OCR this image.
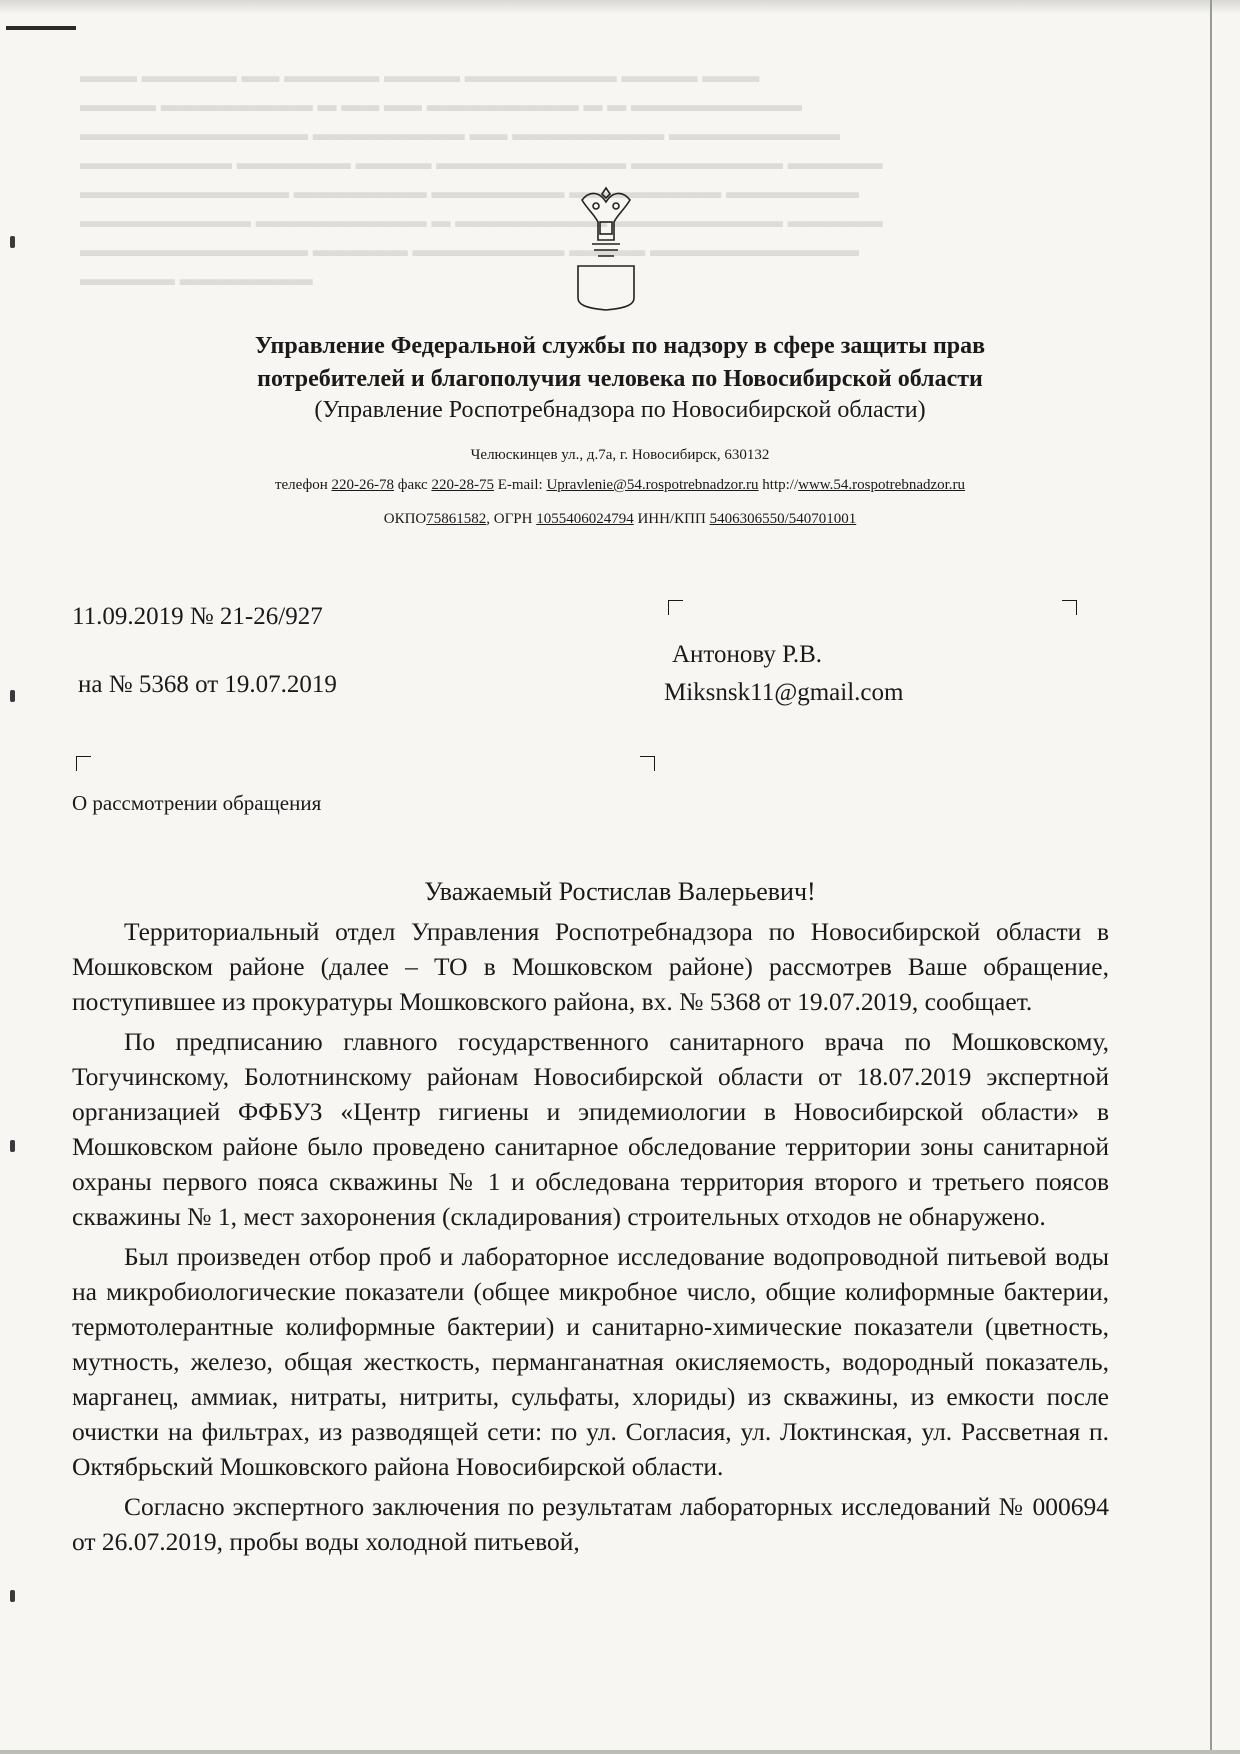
▬▬▬ ▬▬▬▬▬ ▬▬ ▬▬▬▬▬ ▬▬▬▬ ▬▬▬▬▬▬▬▬ ▬▬▬▬ ▬▬▬
▬▬▬▬ ▬▬▬▬▬▬▬▬ ▬ ▬▬ ▬▬ ▬▬▬▬▬▬▬▬ ▬ ▬ ▬▬▬▬▬▬▬▬▬
▬▬▬▬▬▬▬▬▬▬▬▬ ▬▬▬▬▬▬▬▬ ▬▬ ▬▬▬▬▬▬▬▬ ▬▬▬▬▬▬▬▬▬
▬▬▬▬▬▬▬▬ ▬▬▬▬▬▬ ▬▬▬▬ ▬▬▬▬▬▬▬▬▬▬ ▬▬▬▬▬▬▬▬ ▬▬▬▬▬
▬▬▬▬▬▬▬▬▬▬▬ ▬▬▬▬▬▬▬ ▬▬▬▬▬▬▬ ▬▬▬▬▬▬▬▬ ▬▬▬▬▬▬▬
▬▬▬▬▬▬▬▬▬ ▬▬▬▬▬▬▬▬▬ ▬ ▬▬▬▬▬▬▬▬ ▬▬▬▬▬▬▬▬▬ ▬▬▬▬▬
▬▬▬▬▬▬▬▬▬▬▬▬ ▬▬▬▬▬ ▬▬▬▬▬▬▬▬ ▬▬▬▬ ▬▬▬▬▬▬▬▬▬▬▬
▬▬▬▬▬ ▬▬▬▬▬▬▬
Управление Федеральной службы по надзору в сфере защиты прав
потребителей и благополучия человека по Новосибирской области
(Управление Роспотребнадзора по Новосибирской области)
Челюскинцев ул., д.7а, г. Новосибирск, 630132
телефон 220-26-78 факс 220-28-75 E-mail: Upravlenie@54.rospotrebnadzor.ru http://www.54.rospotrebnadzor.ru
ОКПО75861582, ОГРН 1055406024794 ИНН/КПП 5406306550/540701001
11.09.2019 № 21-26/927
на № 5368 от 19.07.2019
О рассмотрении обращения
Антонову Р.В.
Miksnsk11@gmail.com
Уважаемый Ростислав Валерьевич!

Территориальный отдел Управления Роспотребнадзора по Новосибирской области в Мошковском районе (далее – ТО в Мошковском районе) рассмотрев Ваше обращение, поступившее из прокуратуры Мошковского района, вх. № 5368 от 19.07.2019, сообщает.

По предписанию главного государственного санитарного врача по Мошковскому, Тогучинскому, Болотнинскому районам Новосибирской области от 18.07.2019 экспертной организацией ФФБУЗ «Центр гигиены и эпидемиологии в Новосибирской области» в Мошковском районе было проведено санитарное обследование территории зоны санитарной охраны первого пояса скважины № 1 и обследована территория второго и третьего поясов скважины № 1, мест захоронения (складирования) строительных отходов не обнаружено.

Был произведен отбор проб и лабораторное исследование водопроводной питьевой воды на микробиологические показатели (общее микробное число, общие колиформные бактерии, термотолерантные колиформные бактерии) и санитарно-химические показатели (цветность, мутность, железо, общая жесткость, перманганатная окисляемость, водородный показатель, марганец, аммиак, нитраты, нитриты, сульфаты, хлориды) из скважины, из емкости после очистки на фильтрах, из разводящей сети: по ул. Согласия, ул. Локтинская, ул. Рассветная п. Октябрьский Мошковского района Новосибирской области.

Согласно экспертного заключения по результатам лабораторных исследований № 000694 от 26.07.2019, пробы воды холодной питьевой,
